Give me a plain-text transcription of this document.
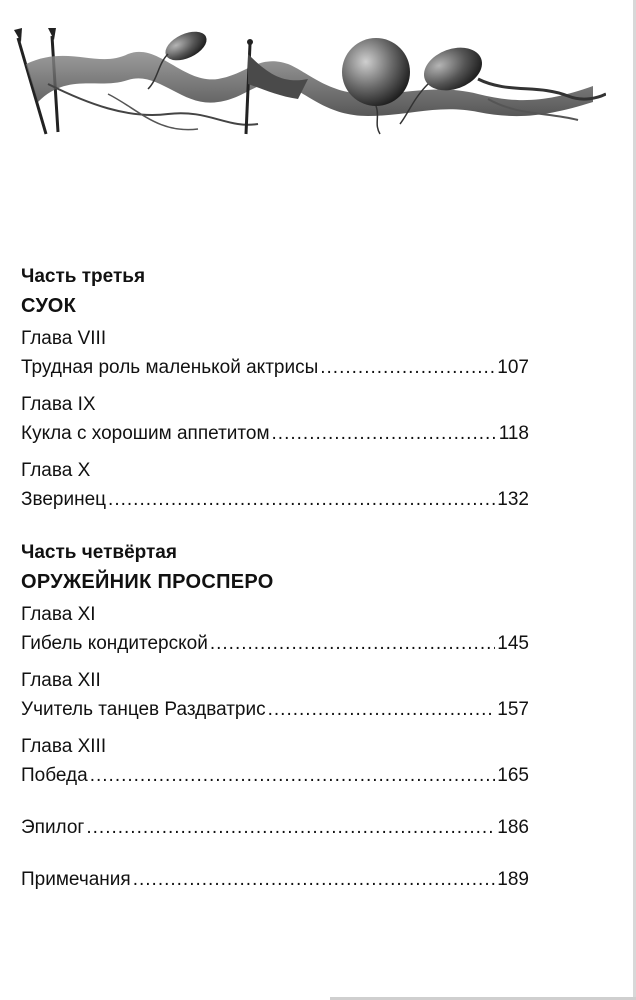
Часть третья

СУОК

Глава VIII
Трудная роль маленькой актрисы .....	107
Глава IX
Кукла с хорошим аппетитом .....	118
Глава X
Зверинец .....	132

Часть четвёртая

ОРУЖЕЙНИК ПРОСПЕРО

Глава XI
Гибель кондитерской .....	145
Глава XII
Учитель танцев Раздватрис .....	157
Глава XIII
Победа .....	165
Эпилог .....	186
Примечания .....	189
